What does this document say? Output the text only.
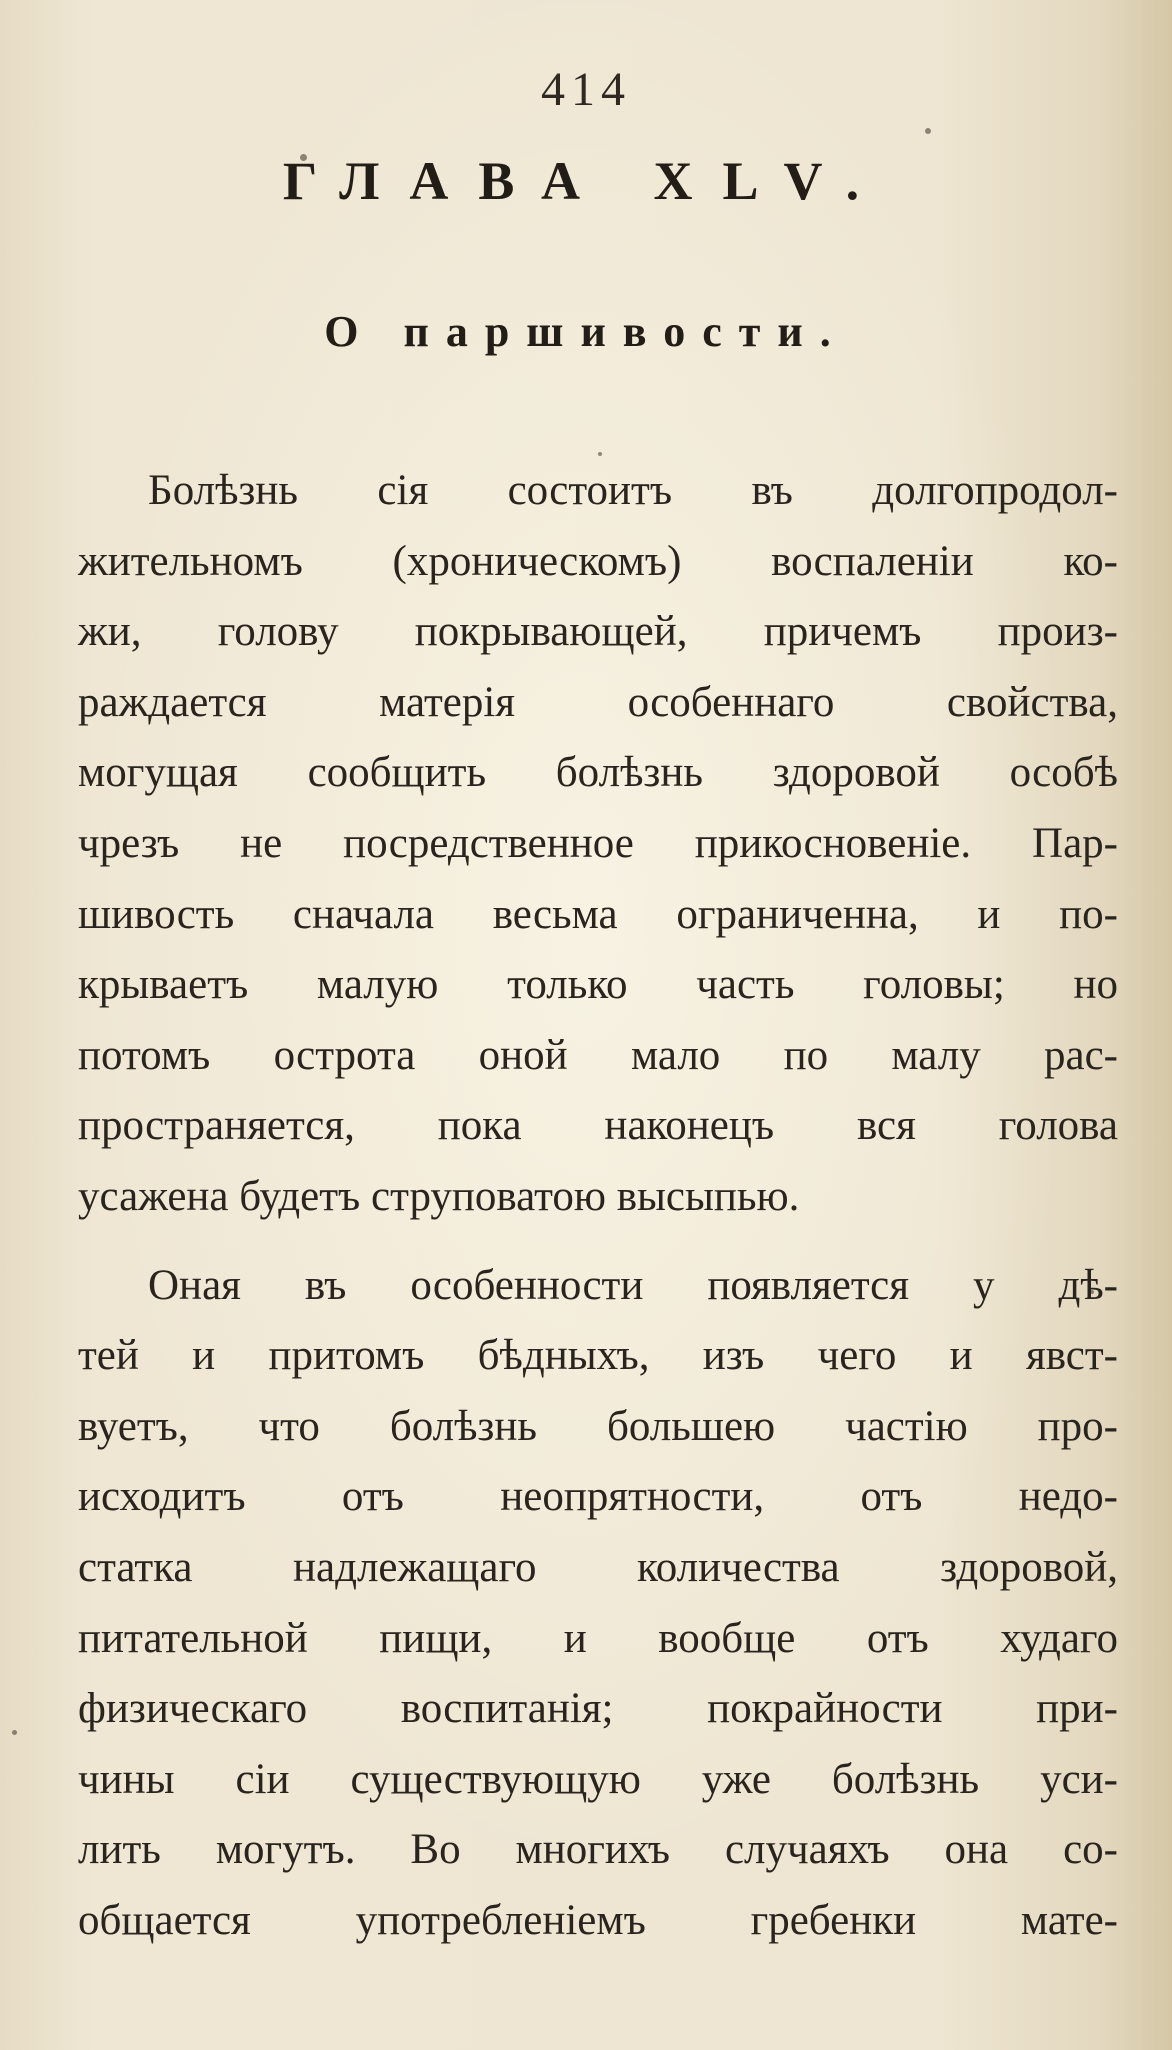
414
ГЛАВА XLV.
О паршивости.
Болѣзнь сія состоитъ въ долгопродол-
жительномъ (хроническомъ) воспаленіи ко-
жи, голову покрывающей, причемъ произ-
раждается матерія особеннаго свойства,
могущая сообщить болѣзнь здоровой особѣ
чрезъ не посредственное прикосновеніе. Пар-
шивость сначала весьма ограниченна, и по-
крываетъ малую только часть головы; но
потомъ острота оной мало по малу рас-
пространяется, пока наконецъ вся голова
усажена будетъ струповатою высыпью.
Оная въ особенности появляется у дѣ-
тей и притомъ бѣдныхъ, изъ чего и явст-
вуетъ, что болѣзнь большею частію про-
исходитъ отъ неопрятности, отъ недо-
статка надлежащаго количества здоровой,
питательной пищи, и вообще отъ худаго
физическаго воспитанія; покрайности при-
чины сіи существующую уже болѣзнь уси-
лить могутъ. Во многихъ случаяхъ она со-
общается употребленіемъ гребенки мате-
